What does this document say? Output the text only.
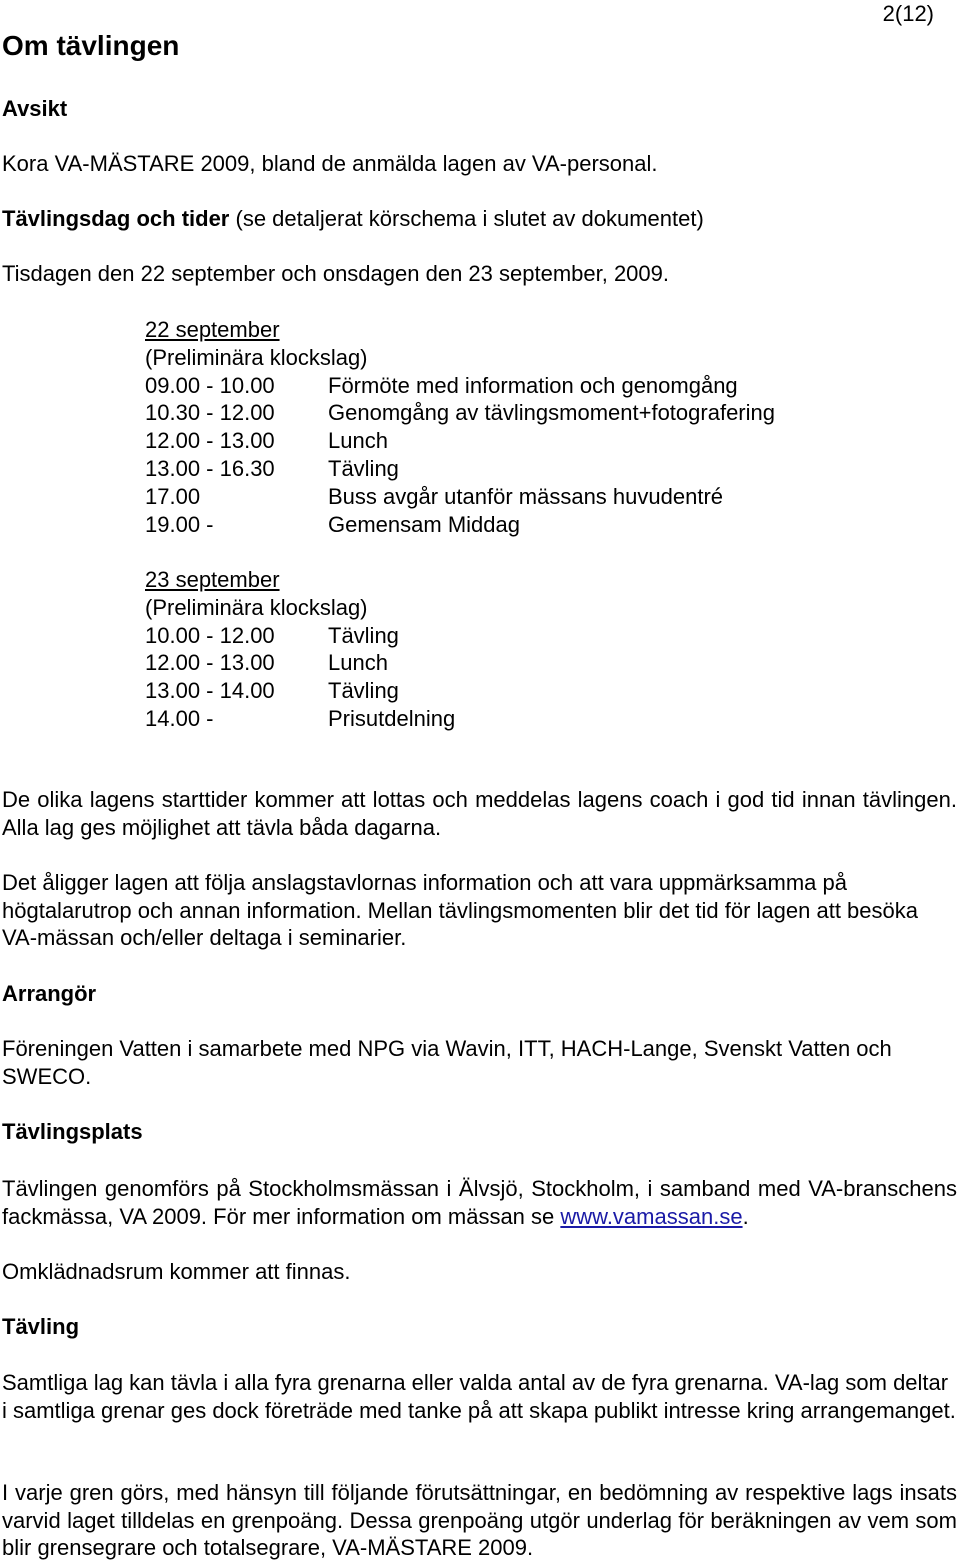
2(12)
Om tävlingen
Avsikt
Kora VA-MÄSTARE 2009, bland de anmälda lagen av VA-personal.
Tävlingsdag och tider (se detaljerat körschema i slutet av dokumentet)
Tisdagen den 22 september och onsdagen den 23 september, 2009.
22 september
(Preliminära klockslag)
09.00 - 10.00	Förmöte med information och genomgång
10.30 - 12.00	Genomgång av tävlingsmoment+fotografering
12.00 - 13.00	Lunch
13.00 - 16.30	Tävling
17.00	Buss avgår utanför mässans huvudentré
19.00 -	Gemensam Middag
23 september
(Preliminära klockslag)
10.00 - 12.00	Tävling
12.00 - 13.00	Lunch
13.00 - 14.00	Tävling
14.00 -	Prisutdelning
De olika lagens starttider kommer att lottas och meddelas lagens coach i god tid innan tävlingen. Alla lag ges möjlighet att tävla båda dagarna.
Det åligger lagen att följa anslagstavlornas information och att vara uppmärksamma på högtalarutrop och annan information. Mellan tävlingsmomenten blir det tid för lagen att besöka VA-mässan och/eller deltaga i seminarier.
Arrangör
Föreningen Vatten i samarbete med NPG via Wavin, ITT, HACH-Lange, Svenskt Vatten och SWECO.
Tävlingsplats
Tävlingen genomförs på Stockholmsmässan i Älvsjö, Stockholm, i samband med VA-branschens fackmässa, VA 2009. För mer information om mässan se www.vamassan.se.
Omklädnadsrum kommer att finnas.
Tävling
Samtliga lag kan tävla i alla fyra grenarna eller valda antal av de fyra grenarna. VA-lag som deltar i samtliga grenar ges dock företräde med tanke på att skapa publikt intresse kring arrangemanget.
I varje gren görs, med hänsyn till följande förutsättningar, en bedömning av respektive lags insats varvid laget tilldelas en grenpoäng. Dessa grenpoäng utgör underlag för beräkningen av vem som blir grensegrare och totalsegrare, VA-MÄSTARE 2009.
